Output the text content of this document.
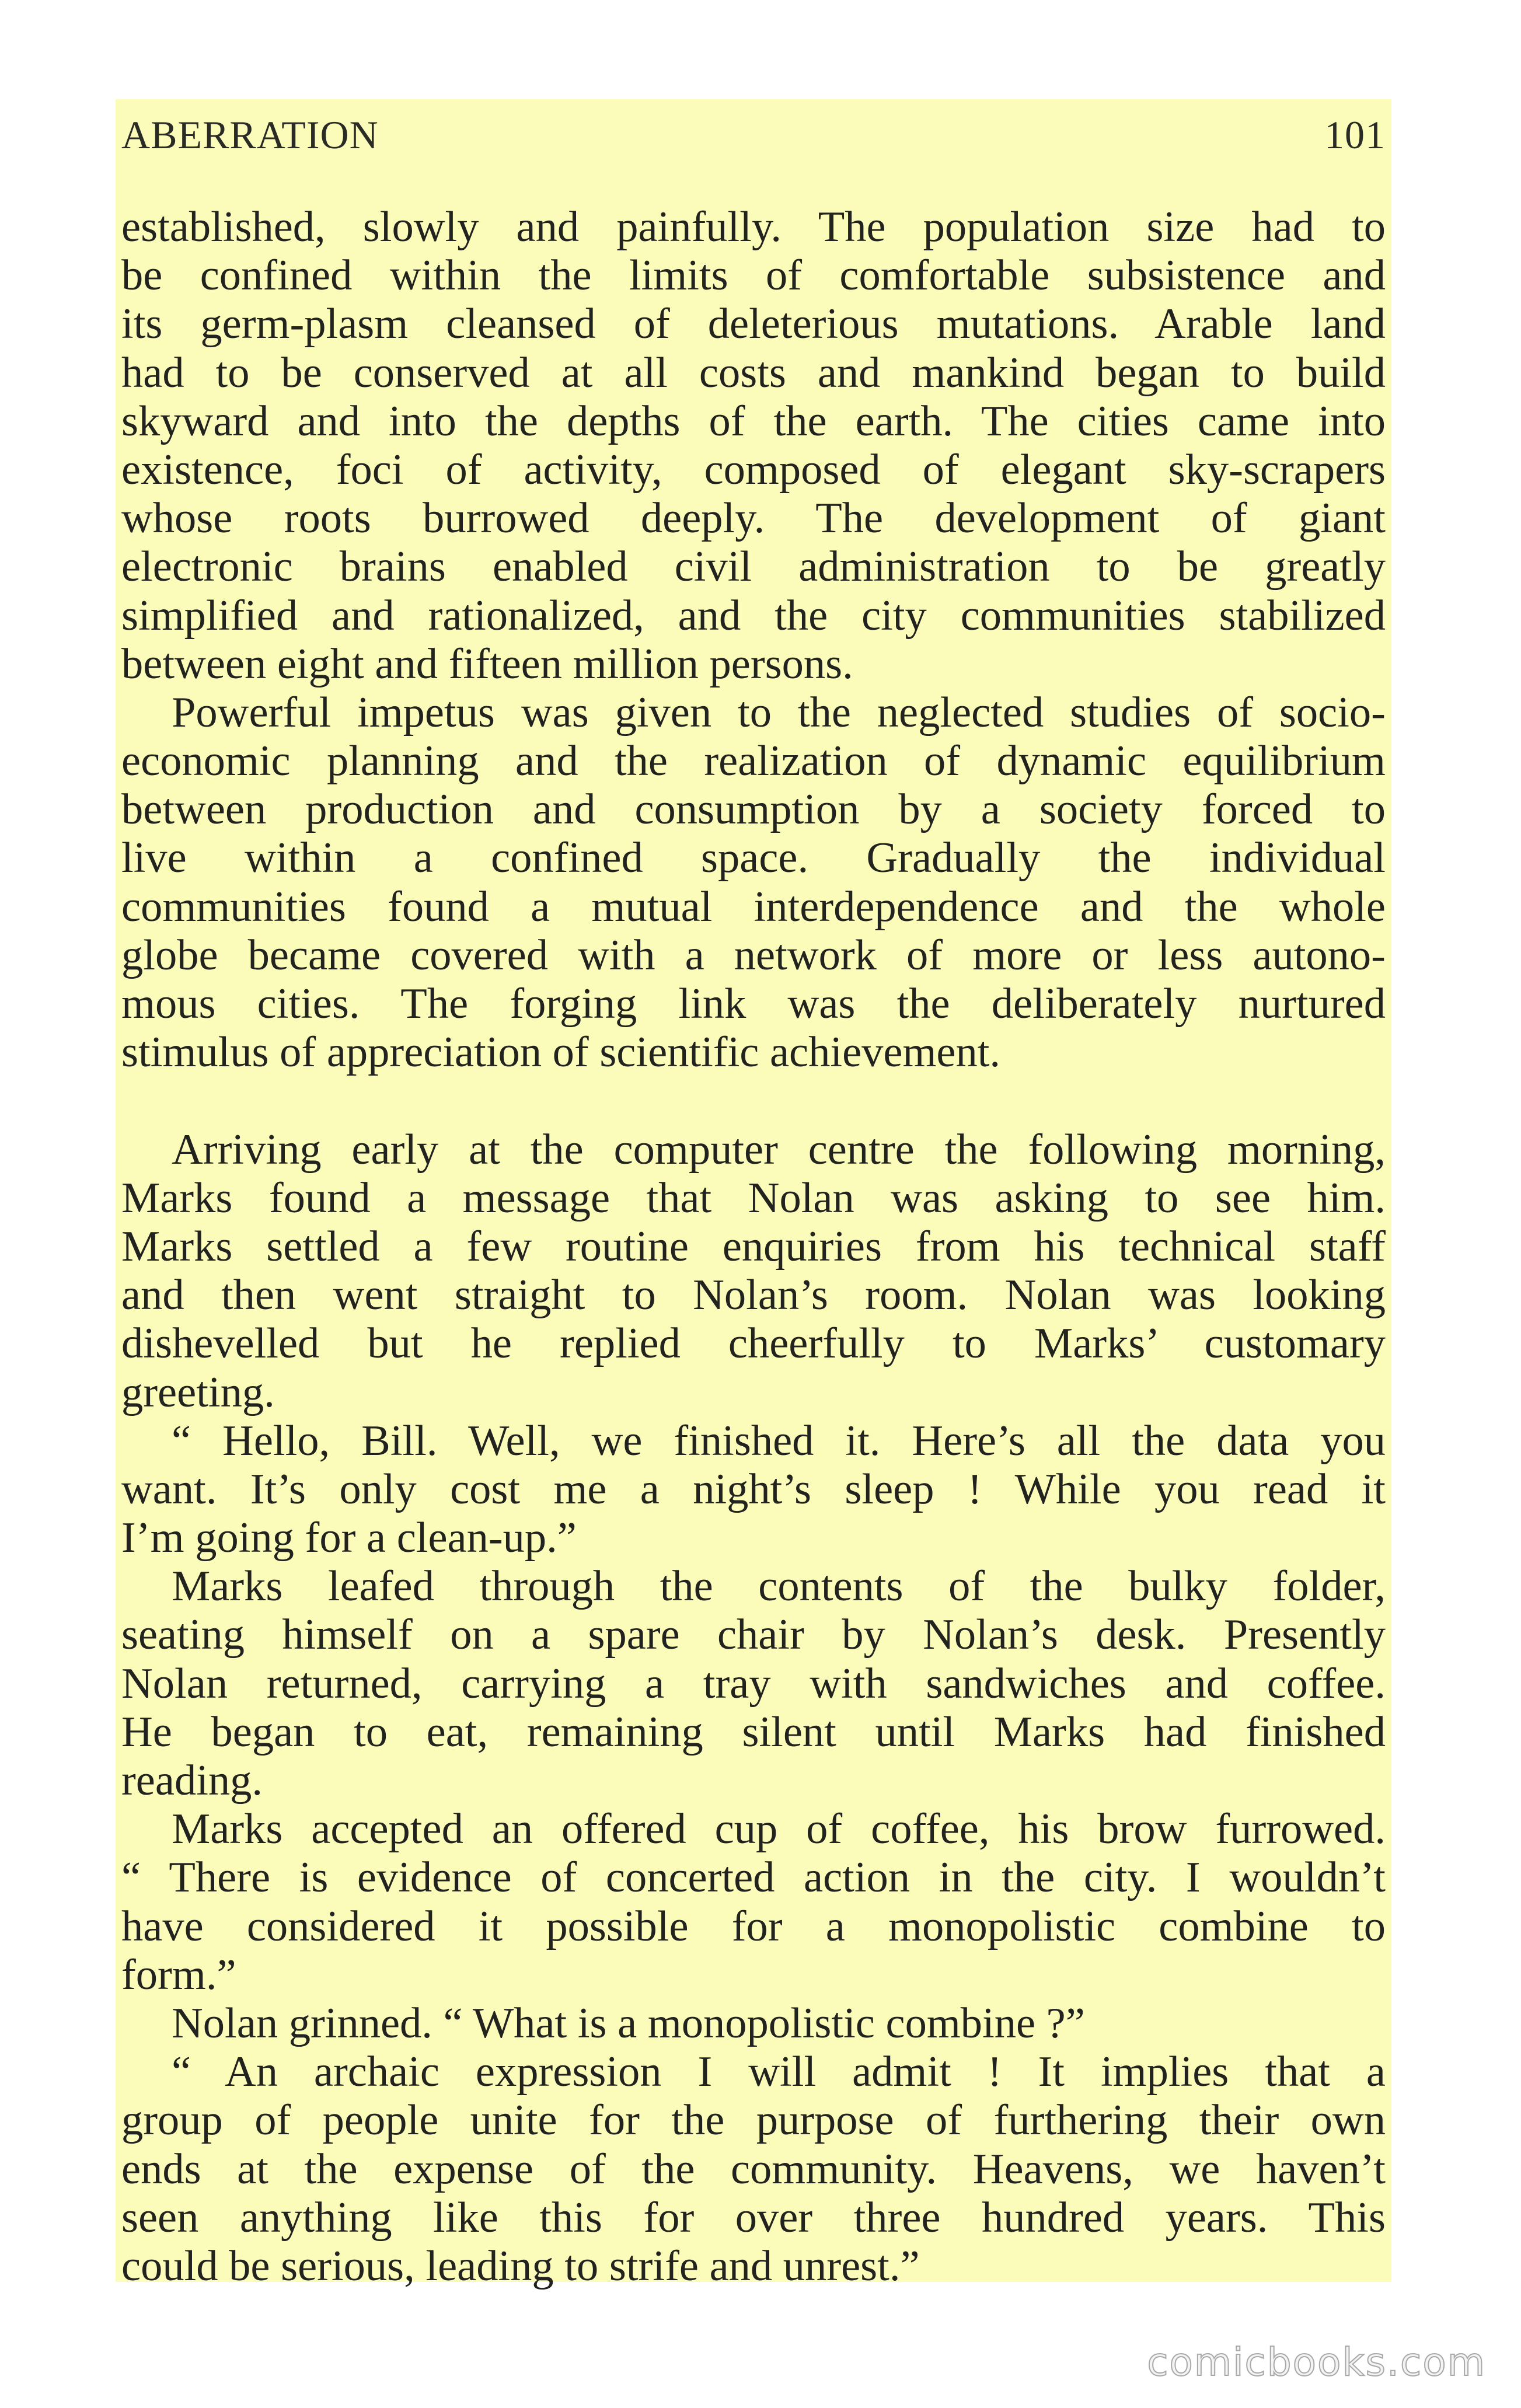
ABERRATION	101
established, slowly and painfully. The population size had to
be confined within the limits of comfortable subsistence and
its germ-plasm cleansed of deleterious mutations. Arable land
had to be conserved at all costs and mankind began to build
skyward and into the depths of the earth. The cities came into
existence, foci of activity, composed of elegant sky-scrapers
whose roots burrowed deeply. The development of giant
electronic brains enabled civil administration to be greatly
simplified and rationalized, and the city communities stabilized
between eight and fifteen million persons.
Powerful impetus was given to the neglected studies of socio-
economic planning and the realization of dynamic equilibrium
between production and consumption by a society forced to
live within a confined space. Gradually the individual
communities found a mutual interdependence and the whole
globe became covered with a network of more or less autono-
mous cities. The forging link was the deliberately nurtured
stimulus of appreciation of scientific achievement.
Arriving early at the computer centre the following morning,
Marks found a message that Nolan was asking to see him.
Marks settled a few routine enquiries from his technical staff
and then went straight to Nolan’s room. Nolan was looking
dishevelled but he replied cheerfully to Marks’ customary
greeting.
“ Hello, Bill. Well, we finished it. Here’s all the data you
want. It’s only cost me a night’s sleep ! While you read it
I’m going for a clean-up.”
Marks leafed through the contents of the bulky folder,
seating himself on a spare chair by Nolan’s desk. Presently
Nolan returned, carrying a tray with sandwiches and coffee.
He began to eat, remaining silent until Marks had finished
reading.
Marks accepted an offered cup of coffee, his brow furrowed.
“ There is evidence of concerted action in the city. I wouldn’t
have considered it possible for a monopolistic combine to
form.”
Nolan grinned. “ What is a monopolistic combine ?”
“ An archaic expression I will admit ! It implies that a
group of people unite for the purpose of furthering their own
ends at the expense of the community. Heavens, we haven’t
seen anything like this for over three hundred years. This
could be serious, leading to strife and unrest.”
comicbooks.com
